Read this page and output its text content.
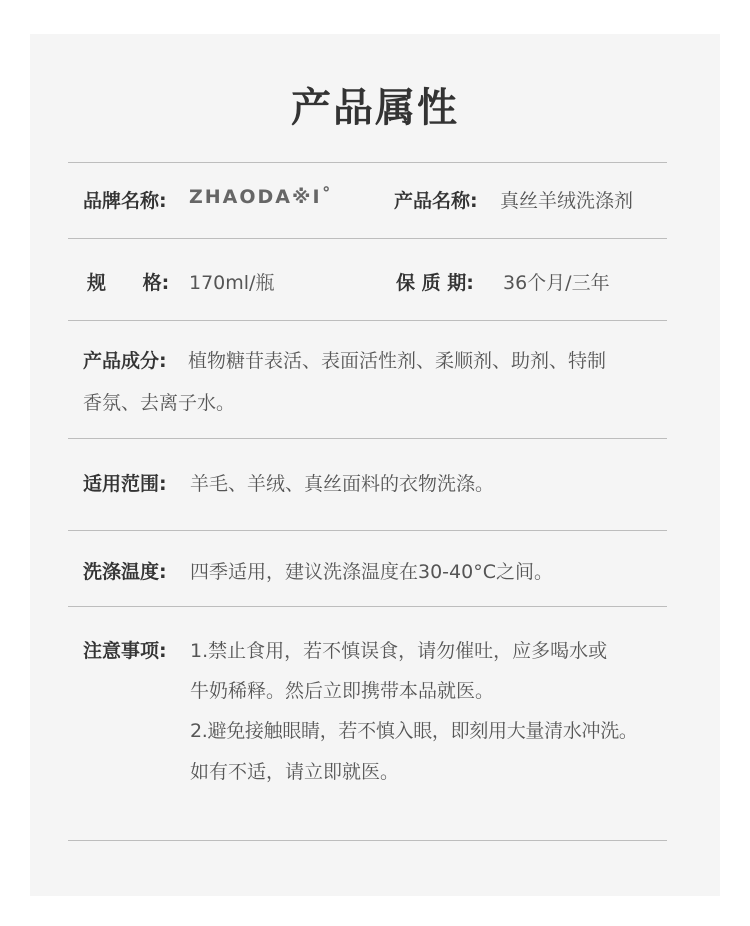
产品属性
品牌名称: ZHAODA※I˚	产品名称: 真丝羊绒洗涤剂
规 格: 170ml/瓶	保 质 期: 36个月/三年
产品成分: 植物糖苷表活、表面活性剂、柔顺剂、助剂、特制
香氛、去离子水。
适用范围: 羊毛、羊绒、真丝面料的衣物洗涤。
洗涤温度: 四季适用，建议洗涤温度在30-40°C之间。
注意事项: 1.禁止食用，若不慎误食，请勿催吐，应多喝水或
牛奶稀释。然后立即携带本品就医。
2.避免接触眼睛，若不慎入眼，即刻用大量清水冲洗。
如有不适，请立即就医。
